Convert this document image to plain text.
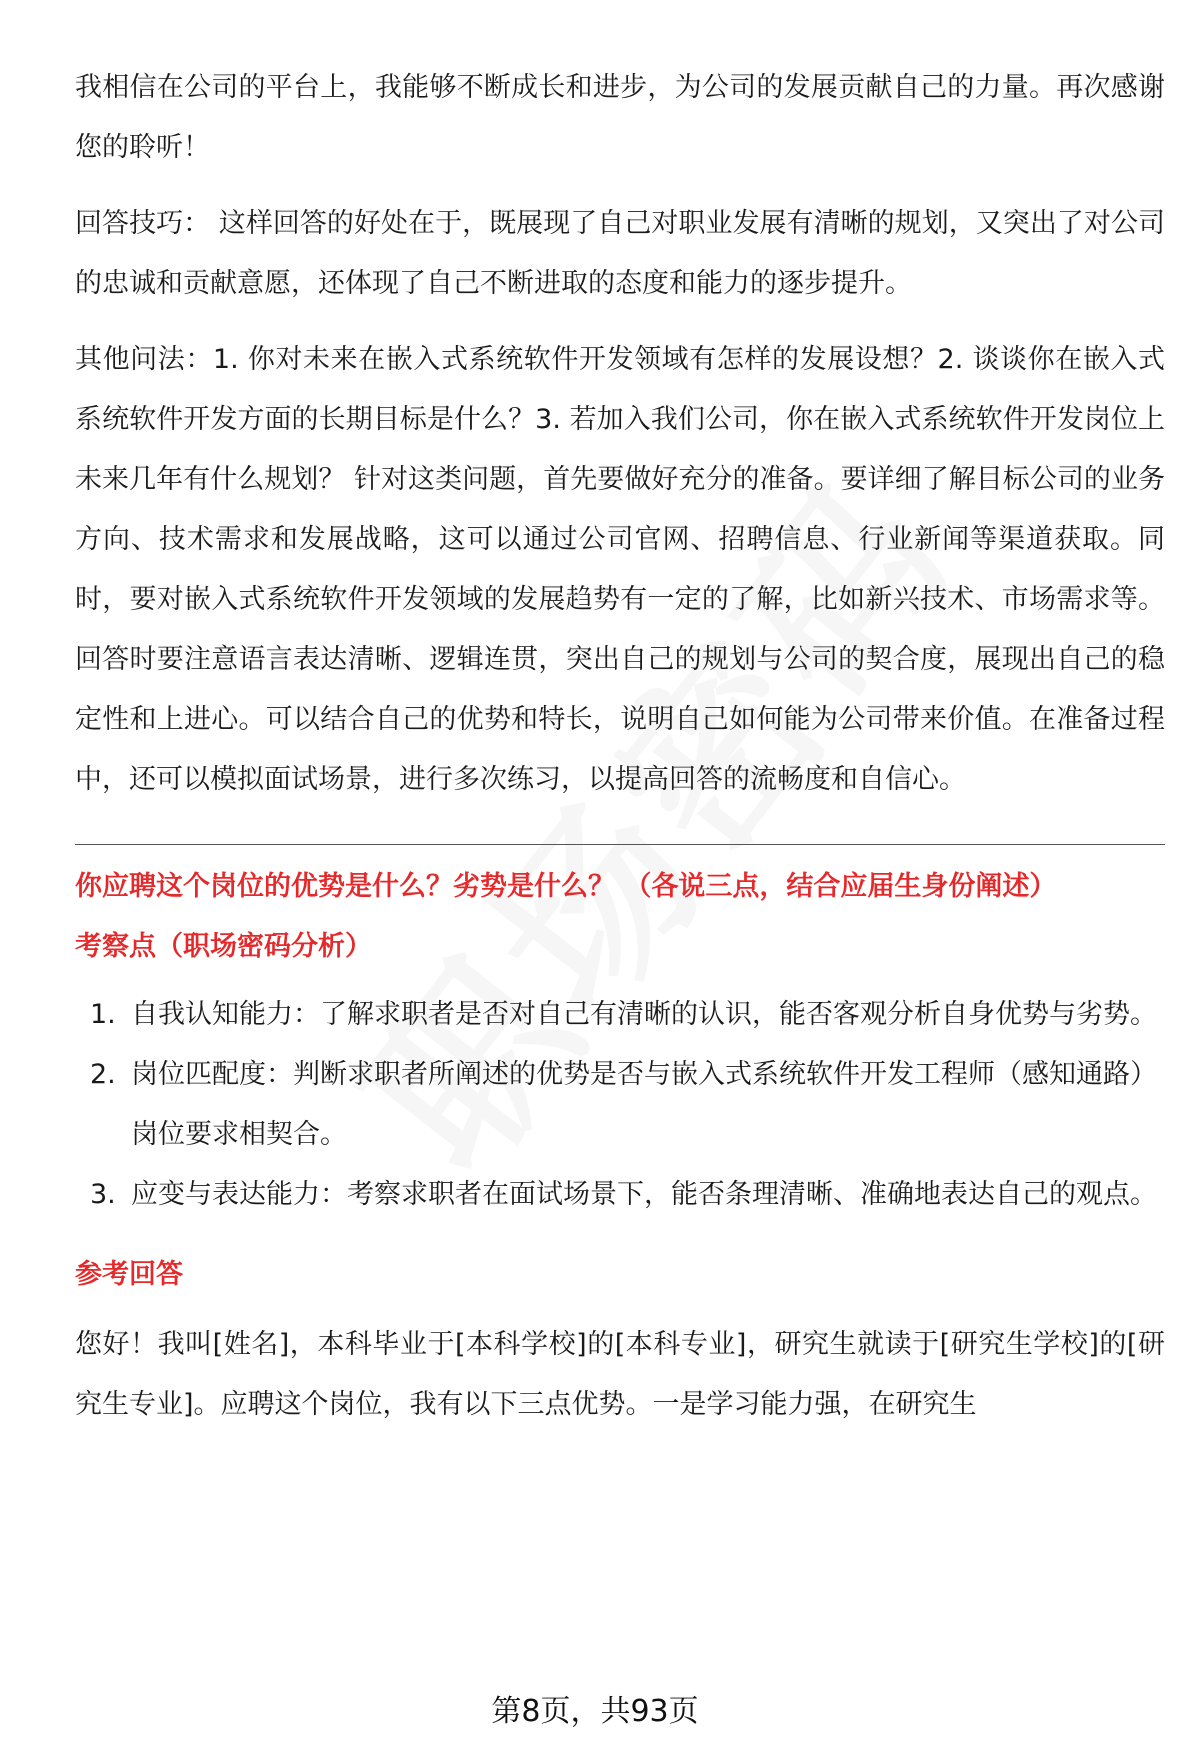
我相信在公司的平台上，我能够不断成长和进步，为公司的发展贡献自己的力量。再次感谢您的聆听！

回答技巧： 这样回答的好处在于，既展现了自己对职业发展有清晰的规划，又突出了对公司的忠诚和贡献意愿，还体现了自己不断进取的态度和能力的逐步提升。

其他问法：1. 你对未来在嵌入式系统软件开发领域有怎样的发展设想？2. 谈谈你在嵌入式系统软件开发方面的长期目标是什么？3. 若加入我们公司，你在嵌入式系统软件开发岗位上未来几年有什么规划？ 针对这类问题，首先要做好充分的准备。要详细了解目标公司的业务方向、技术需求和发展战略，这可以通过公司官网、招聘信息、行业新闻等渠道获取。同时，要对嵌入式系统软件开发领域的发展趋势有一定的了解，比如新兴技术、市场需求等。 回答时要注意语言表达清晰、逻辑连贯，突出自己的规划与公司的契合度，展现出自己的稳定性和上进心。可以结合自己的优势和特长，说明自己如何能为公司带来价值。在准备过程中，还可以模拟面试场景，进行多次练习，以提高回答的流畅度和自信心。

你应聘这个岗位的优势是什么？劣势是什么？ （各说三点，结合应届生身份阐述）

考察点（职场密码分析）

1. 自我认知能力：了解求职者是否对自己有清晰的认识，能否客观分析自身优势与劣势。
2. 岗位匹配度：判断求职者所阐述的优势是否与嵌入式系统软件开发工程师（感知通路）岗位要求相契合。
3. 应变与表达能力：考察求职者在面试场景下，能否条理清晰、准确地表达自己的观点。

参考回答

您好！我叫[姓名]，本科毕业于[本科学校]的[本科专业]，研究生就读于[研究生学校]的[研究生专业]。应聘这个岗位，我有以下三点优势。一是学习能力强，在研究生

第8页，共93页
